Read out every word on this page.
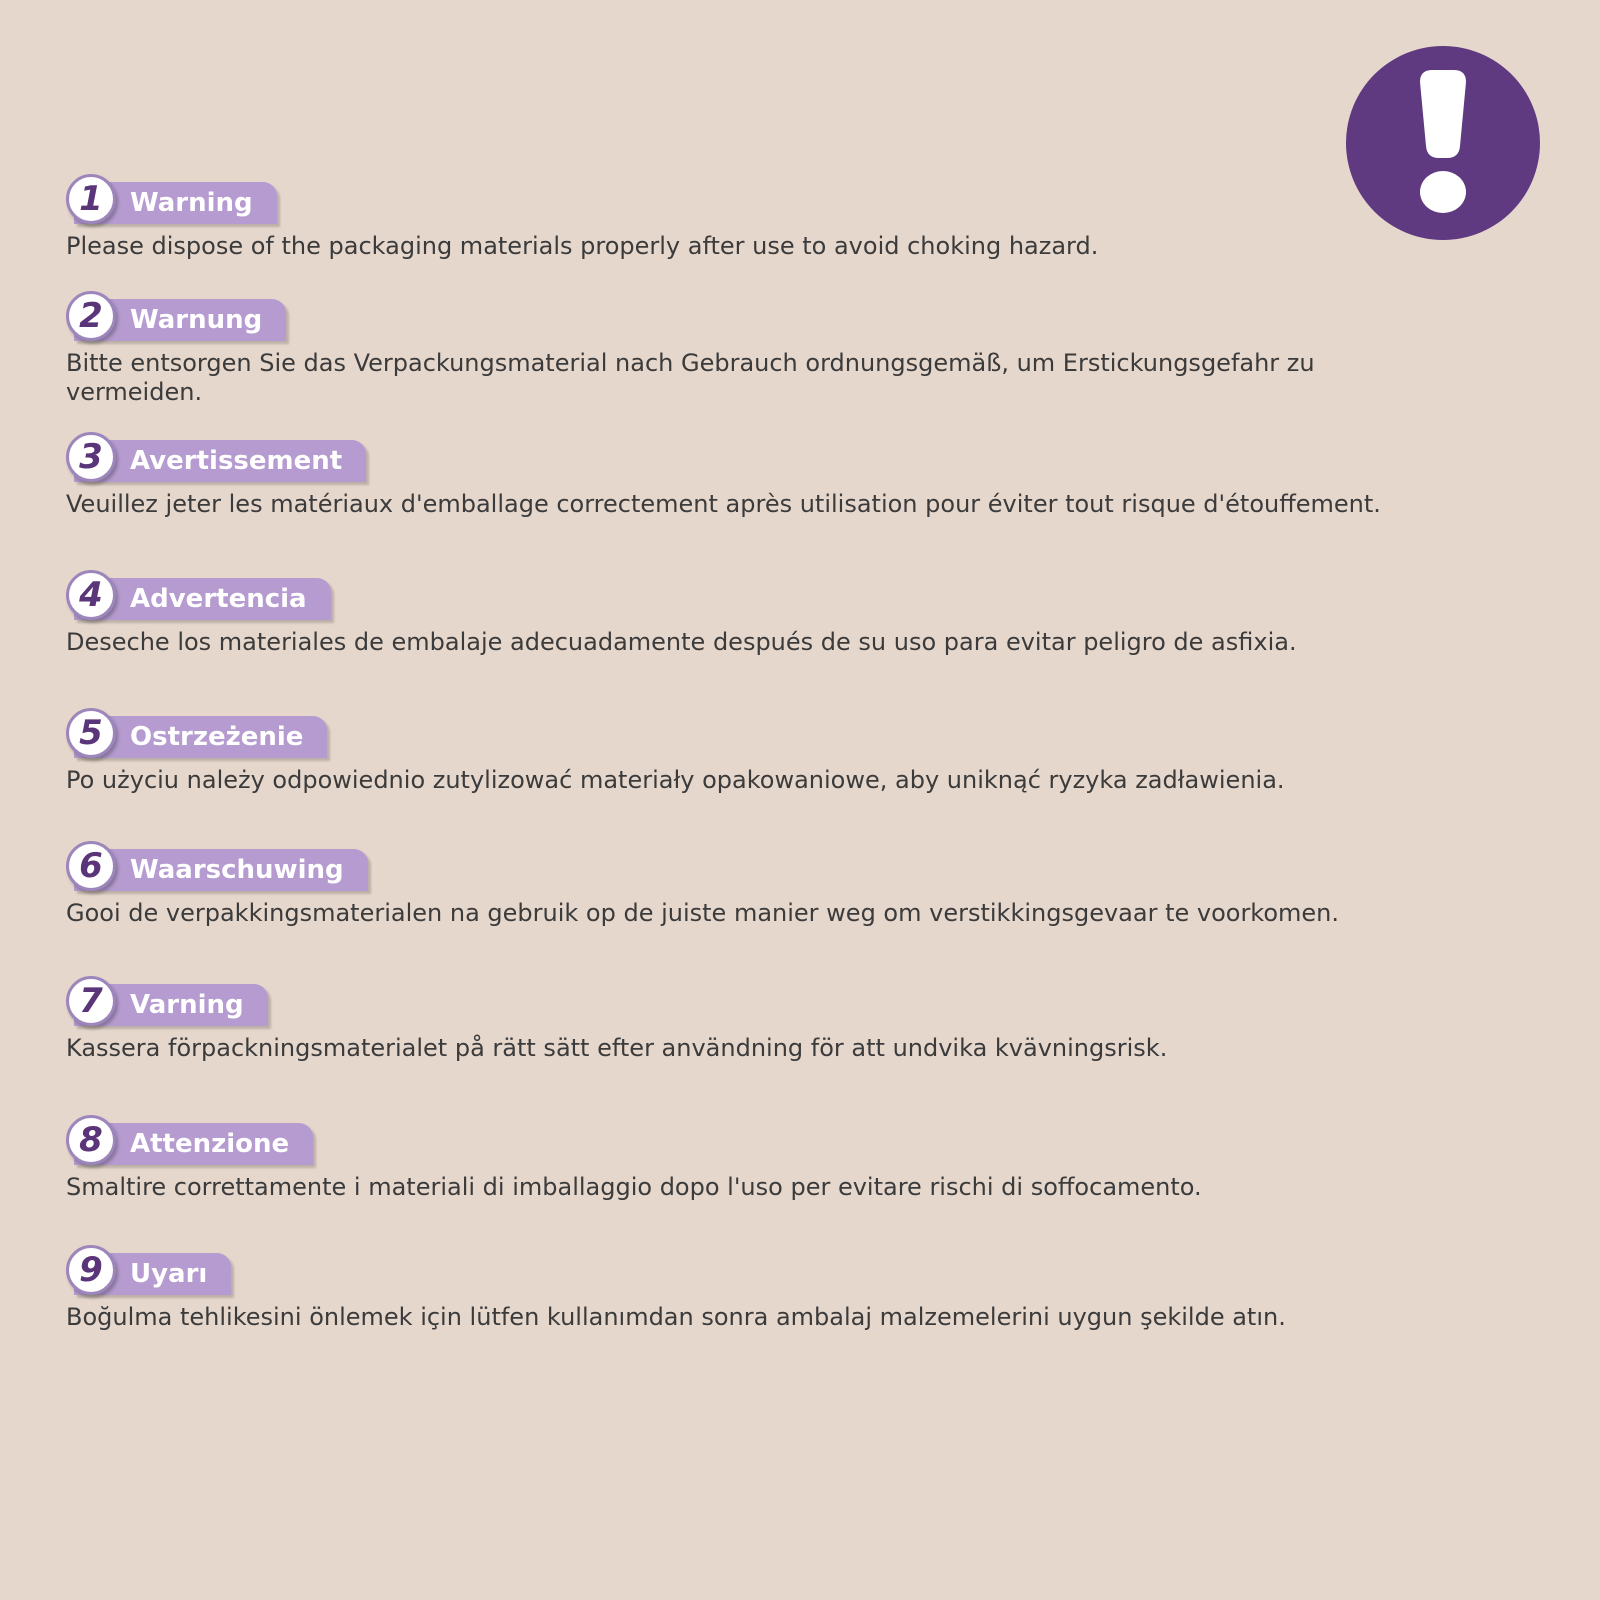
Warning
1

Please dispose of the packaging materials properly after use to avoid choking hazard.

Warnung
2

Bitte entsorgen Sie das Verpackungsmaterial nach Gebrauch ordnungsgemäß, um Erstickungsgefahr zu vermeiden.

Avertissement
3

Veuillez jeter les matériaux d'emballage correctement après utilisation pour éviter tout risque d'étouffement.

Advertencia
4

Deseche los materiales de embalaje adecuadamente después de su uso para evitar peligro de asfixia.

Ostrzeżenie
5

Po użyciu należy odpowiednio zutylizować materiały opakowaniowe, aby uniknąć ryzyka zadławienia.

Waarschuwing
6

Gooi de verpakkingsmaterialen na gebruik op de juiste manier weg om verstikkingsgevaar te voorkomen.

Varning
7

Kassera förpackningsmaterialet på rätt sätt efter användning för att undvika kvävningsrisk.

Attenzione
8

Smaltire correttamente i materiali di imballaggio dopo l'uso per evitare rischi di soffocamento.

Uyarı
9

Boğulma tehlikesini önlemek için lütfen kullanımdan sonra ambalaj malzemelerini uygun şekilde atın.
